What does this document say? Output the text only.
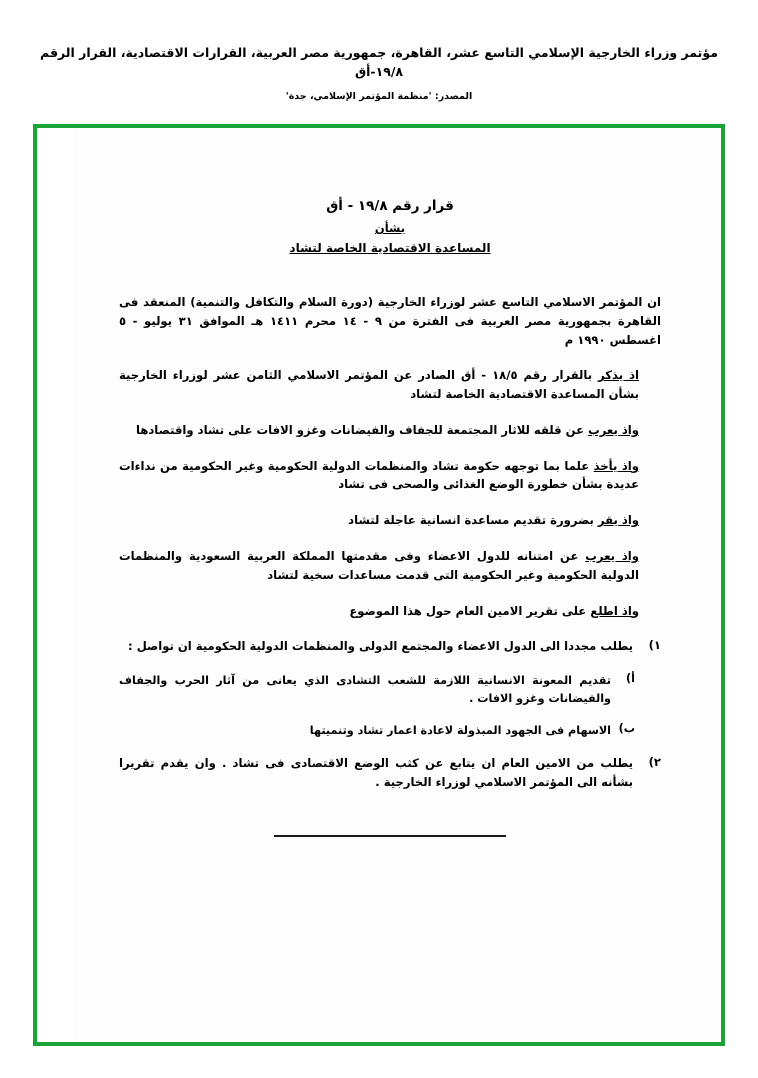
مؤتمر وزراء الخارجية الإسلامي التاسع عشر، القاهرة، جمهورية مصر العربية، القرارات الاقتصادية، القرار الرقم ١٩/٨-أق
المصدر: 'منظمة المؤتمر الإسلامي، جدة'
قرار رقم ١٩/٨ - أق
بشأن
المساعدة الاقتصادية الخاصة لتشاد

ان المؤتمر الاسلامي التاسع عشر لوزراء الخارجية (دورة السلام والتكافل والتنمية) المنعقد فى القاهرة بجمهورية مصر العربية فى الفترة من ٩ - ١٤ محرم ١٤١١ هـ الموافق ٣١ يوليو - ٥ اغسطس ١٩٩٠ م

اذ يذكر بالقرار رقم ١٨/٥ - أق الصادر عن المؤتمر الاسلامي الثامن عشر لوزراء الخارجية بشأن المساعدة الاقتصادية الخاصة لتشاد

واذ يعرب عن قلقه للاثار المجتمعة للجفاف والفيضانات وغزو الافات على تشاد واقتصادها

واذ يأخذ علما بما توجهه حكومة تشاد والمنظمات الدولية الحكومية وغير الحكومية من نداءات عديدة بشأن خطورة الوضع الغذائى والصحى فى تشاد

واذ يقر بضرورة تقديم مساعدة انسانية عاجلة لتشاد

واذ يعرب عن امتنانه للدول الاعضاء وفى مقدمتها المملكة العربية السعودية والمنظمات الدولية الحكومية وغير الحكومية التى قدمت مساعدات سخية لتشاد

واذ اطلع على تقرير الامين العام حول هذا الموضوع

١)
يطلب مجددا الى الدول الاعضاء والمجتمع الدولى والمنظمات الدولية الحكومية ان تواصل :
أ)
تقديم المعونة الانسانية اللازمة للشعب التشادى الذي يعانى من آثار الحرب والجفاف والفيضانات وغزو الافات .
ب)
الاسهام فى الجهود المبذولة لاعادة اعمار تشاد وتنميتها
٢)
يطلب من الامين العام ان يتابع عن كثب الوضع الاقتصادى فى تشاد . وان يقدم تقريرا بشأنه الى المؤتمر الاسلامي لوزراء الخارجية .
